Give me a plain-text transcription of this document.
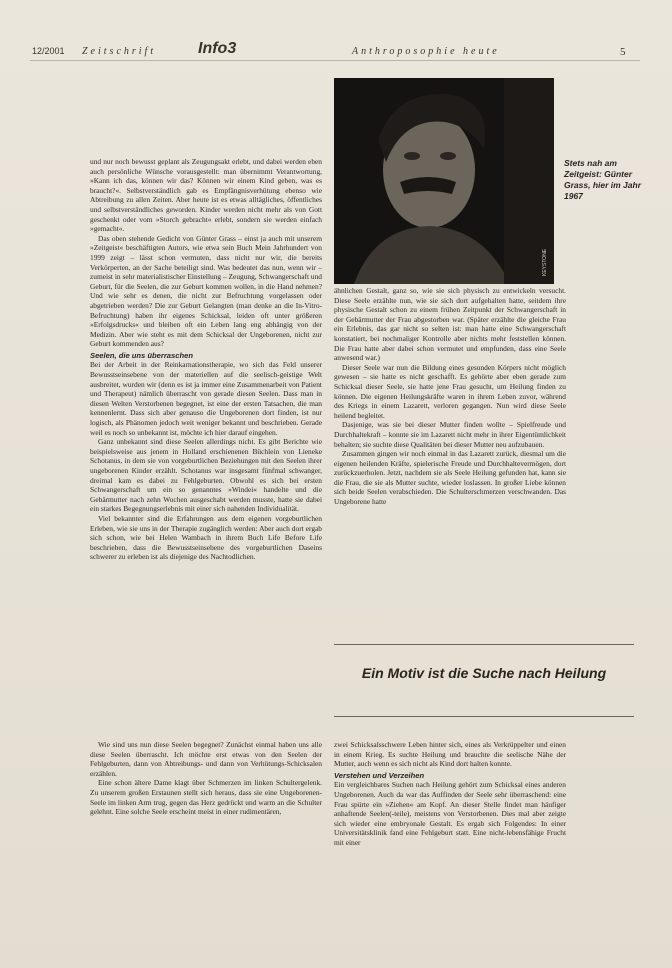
12/2001 Zeitschrift	Info3	Anthroposophie heute	5

und nur noch bewusst geplant als Zeugungsakt erlebt, und dabei werden eben auch persönliche Wünsche vorausgestellt: man übernimmt Verantwortung, »Kann ich das, können wir das? Können wir einem Kind geben, was es braucht?«. Selbstverständlich gab es Empfängnisverhütung ebenso wie Abtreibung zu allen Zeiten. Aber heute ist es etwas alltägliches, öffentliches und selbstverständliches geworden. Kinder werden nicht mehr als von Gott geschenkt oder vom »Storch gebracht« erlebt, sondern sie werden einfach »gemacht«.

Das oben stehende Gedicht von Günter Grass – einst ja auch mit unserem »Zeitgeist« beschäftigten Autors, wie etwa sein Buch Mein Jahrhundert von 1999 zeigt – lässt schon vermuten, dass nicht nur wir, die bereits Verkörperten, an der Sache beteiligt sind. Was bedeutet das nun, wenn wir – zumeist in sehr materialistischer Einstellung – Zeugung, Schwangerschaft und Geburt, für die Seelen, die zur Geburt kommen wollen, in die Hand nehmen? Und wie sehr es denen, die nicht zur Befruchtung vorgelassen oder abgetrieben werden? Die zur Geburt Gelangten (man denke an die In-Vitro-Befruchtung) haben ihr eigenes Schicksal, leiden oft unter größeren »Erfolgsdrucks« und bleiben oft ein Leben lang eng abhängig von der Medizin. Aber wie steht es mit dem Schicksal der Ungeborenen, nicht zur Geburt kommenden aus?

Seelen, die uns überraschen

Bei der Arbeit in der Reinkarnationstherapie, wo sich das Feld unserer Bewusstseinsebene von der materiellen auf die seelisch-geistige Welt ausbreitet, wurden wir (denn es ist ja immer eine Zusammenarbeit von Patient und Therapeut) nämlich überrascht von gerade diesen Seelen. Dass man in diesen Welten Verstorbenen begegnet, ist eine der ersten Tatsachen, die man kennenlernt. Dass sich aber genauso die Ungeborenen dort finden, ist nur logisch, als Phänomen jedoch weit weniger bekannt und beschrieben. Gerade weil es noch so unbekannt ist, möchte ich hier darauf eingehen.

Ganz unbekannt sind diese Seelen allerdings nicht. Es gibt Berichte wie beispielsweise aus jenem in Holland erschienenen Büchlein von Lieneke Schotanus, in dem sie von vorgeburtlichen Beziehungen mit den Seelen ihrer ungeborenen Kinder erzählt. Schotanus war insgesamt fünfmal schwanger, dreimal kam es dabei zu Fehlgeburten. Obwohl es sich bei ersten Schwangerschaft um ein so genanntes »Windei« handelte und die Gebärmutter nach zehn Wochen ausgeschabt werden musste, hatte sie dabei ein starkes Begegnungserlebnis mit einer sich nahenden Individualität.

Viel bekannter sind die Erfahrungen aus dem eigenen vorgeburtlichen Erleben, wie sie uns in der Therapie zugänglich werden: Aber auch dort ergab sich schon, wie bei Helen Wambach in ihrem Buch Life Before Life beschrieben, dass die Bewusstseinsebene des vorgeburtlichen Daseins schwerer zu erleben ist als diejenige des Nachtodlichen.

Wie sind uns nun diese Seelen begegnet? Zunächst einmal haben uns alle diese Seelen überrascht. Ich möchte erst etwas von den Seelen der Fehlgeburten, dann von Abtreibungs- und dann von Verhütungs-Schicksalen erzählen.

Eine schon ältere Dame klagt über Schmerzen im linken Schultergelenk. Zu unserem großen Erstaunen stellt sich heraus, dass sie eine Ungeborenen-Seele im linken Arm trug, gegen das Herz gedrückt und warm an die Schulter gelehnt. Eine solche Seele erscheint meist in einer rudimentären,

Stets nah am Zeitgeist: Günter Grass, hier im Jahr 1967
KEYSTONE

ähnlichen Gestalt, ganz so, wie sie sich physisch zu entwickeln versucht. Diese Seele erzählte nun, wie sie sich dort aufgehalten hatte, seitdem ihre physische Gestalt schon zu einem frühen Zeitpunkt der Schwangerschaft in der Gebärmutter der Frau abgestorben war. (Später erzählte die gleiche Frau ein Erlebnis, das gar nicht so selten ist: man hatte eine Schwangerschaft konstatiert, bei nochmaliger Kontrolle aber nichts mehr feststellen können. Die Frau hatte aber dabei schon vermutet und empfunden, dass eine Seele anwesend war.)

Dieser Seele war nun die Bildung eines gesunden Körpers nicht möglich gewesen – sie hatte es nicht geschafft. Es gehörte aber eben gerade zum Schicksal dieser Seele, sie hatte jene Frau gesucht, um Heilung finden zu können. Die eigenen Heilungskräfte waren in ihrem Leben zuvor, während des Kriegs in einem Lazarett, verloren gegangen. Nun wird diese Seele heilend begleitet.

Dasjenige, was sie bei dieser Mutter finden wollte – Spielfreude und Durchhaltekraft – konnte sie im Lazarett nicht mehr in ihrer Eigentümlichkeit behalten; sie suchte diese Qualitäten bei dieser Mutter neu aufzubauen.

Zusammen gingen wir noch einmal in das Lazarett zurück, diesmal um die eigenen heilenden Kräfte, spielerische Freude und Durchhaltevermögen, dort zurückzuerholen. Jetzt, nachdem sie als Seele Heilung gefunden hat, kann sie die Frau, die sie als Mutter suchte, wieder loslassen. In großer Liebe können sich beide Seelen verabschieden. Die Schulterschmerzen verschwanden. Das Ungeborene hatte

Ein Motiv ist die Suche nach Heilung

zwei Schicksalsschwere Leben hinter sich, eines als Verkrüppelter und einen in einem Krieg. Es suchte Heilung und brauchte die seelische Nähe der Mutter, auch wenn es sich nicht als Kind dort halten konnte.

Verstehen und Verzeihen

Ein vergleichbares Suchen nach Heilung gehört zum Schicksal eines anderen Ungeborenen. Auch da war das Auffinden der Seele sehr überraschend: eine Frau spürte ein »Ziehen« am Kopf. An dieser Stelle findet man häufiger anhaftende Seelen(-teile), meistens von Verstorbenen. Dies mal aber zeigte sich wieder eine embryonale Gestalt. Es ergab sich Folgendes: In einer Universitätsklinik fand eine Fehlgeburt statt. Eine nicht-lebensfähige Frucht mit einer
